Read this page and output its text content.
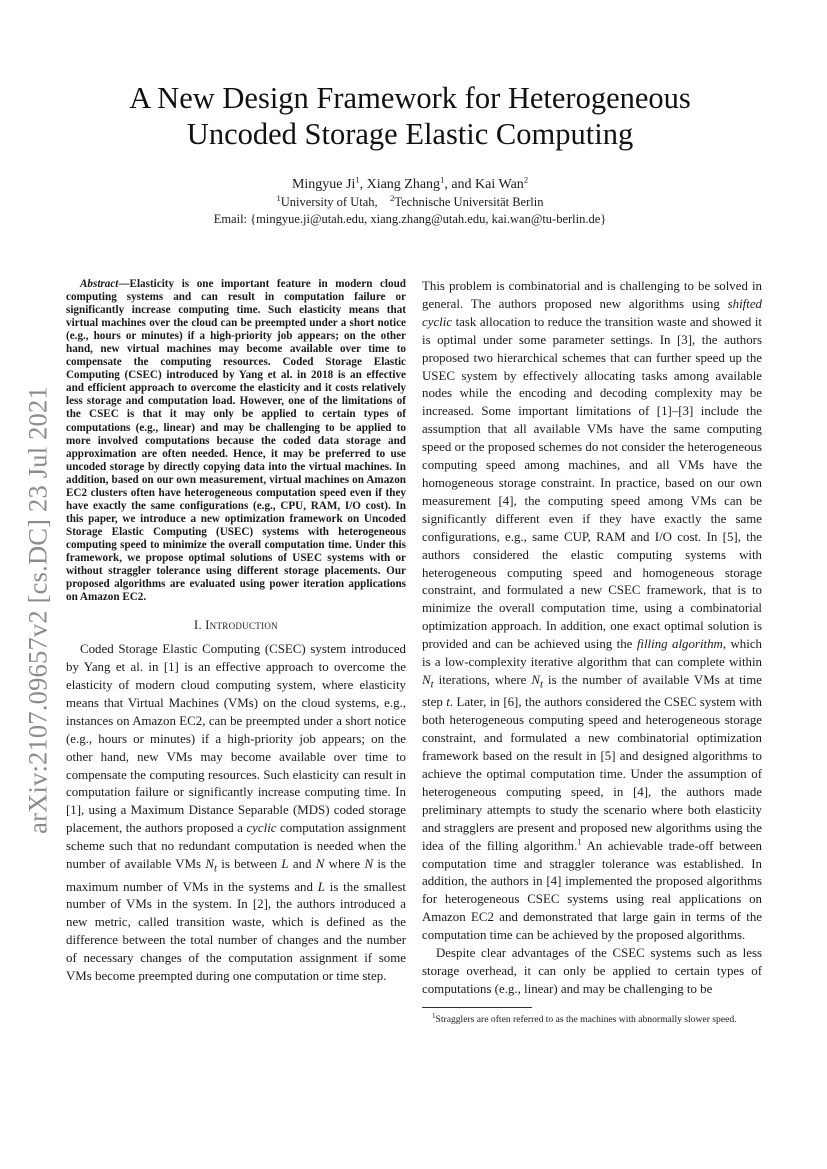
arXiv:2107.09657v2 [cs.DC] 23 Jul 2021
A New Design Framework for Heterogeneous
Uncoded Storage Elastic Computing
Mingyue Ji$^1$, Xiang Zhang$^1$, and Kai Wan$^2$
$^1$University of Utah, $^2$Technische Universität Berlin
Email: {mingyue.ji@utah.edu, xiang.zhang@utah.edu, kai.wan@tu-berlin.de}

Abstract—Elasticity is one important feature in modern cloud computing systems and can result in computation failure or significantly increase computing time. Such elasticity means that virtual machines over the cloud can be preempted under a short notice (e.g., hours or minutes) if a high-priority job appears; on the other hand, new virtual machines may become available over time to compensate the computing resources. Coded Storage Elastic Computing (CSEC) introduced by Yang et al. in 2018 is an effective and efficient approach to overcome the elasticity and it costs relatively less storage and computation load. However, one of the limitations of the CSEC is that it may only be applied to certain types of computations (e.g., linear) and may be challenging to be applied to more involved computations because the coded data storage and approximation are often needed. Hence, it may be preferred to use uncoded storage by directly copying data into the virtual machines. In addition, based on our own measurement, virtual machines on Amazon EC2 clusters often have heterogeneous computation speed even if they have exactly the same configurations (e.g., CPU, RAM, I/O cost). In this paper, we introduce a new optimization framework on Uncoded Storage Elastic Computing (USEC) systems with heterogeneous computing speed to minimize the overall computation time. Under this framework, we propose optimal solutions of USEC systems with or without straggler tolerance using different storage placements. Our proposed algorithms are evaluated using power iteration applications on Amazon EC2.

I. Introduction

Coded Storage Elastic Computing (CSEC) system introduced by Yang et al. in [1] is an effective approach to overcome the elasticity of modern cloud computing system, where elasticity means that Virtual Machines (VMs) on the cloud systems, e.g., instances on Amazon EC2, can be preempted under a short notice (e.g., hours or minutes) if a high-priority job appears; on the other hand, new VMs may become available over time to compensate the computing resources. Such elasticity can result in computation failure or significantly increase computing time. In [1], using a Maximum Distance Separable (MDS) coded storage placement, the authors proposed a cyclic computation assignment scheme such that no redundant computation is needed when the number of available VMs $N_t$ is between L and N where N is the maximum number of VMs in the systems and L is the smallest number of VMs in the system. In [2], the authors introduced a new metric, called transition waste, which is defined as the difference between the total number of changes and the number of necessary changes of the computation assignment if some VMs become preempted during one computation or time step.

This problem is combinatorial and is challenging to be solved in general. The authors proposed new algorithms using shifted cyclic task allocation to reduce the transition waste and showed it is optimal under some parameter settings. In [3], the authors proposed two hierarchical schemes that can further speed up the USEC system by effectively allocating tasks among available nodes while the encoding and decoding complexity may be increased. Some important limitations of [1]–[3] include the assumption that all available VMs have the same computing speed or the proposed schemes do not consider the heterogeneous computing speed among machines, and all VMs have the homogeneous storage constraint. In practice, based on our own measurement [4], the computing speed among VMs can be significantly different even if they have exactly the same configurations, e.g., same CUP, RAM and I/O cost. In [5], the authors considered the elastic computing systems with heterogeneous computing speed and homogeneous storage constraint, and formulated a new CSEC framework, that is to minimize the overall computation time, using a combinatorial optimization approach. In addition, one exact optimal solution is provided and can be achieved using the filling algorithm, which is a low-complexity iterative algorithm that can complete within $N_t$ iterations, where $N_t$ is the number of available VMs at time step t. Later, in [6], the authors considered the CSEC system with both heterogeneous computing speed and heterogeneous storage constraint, and formulated a new combinatorial optimization framework based on the result in [5] and designed algorithms to achieve the optimal computation time. Under the assumption of heterogeneous computing speed, in [4], the authors made preliminary attempts to study the scenario where both elasticity and stragglers are present and proposed new algorithms using the idea of the filling algorithm.$^1$ An achievable trade-off between computation time and straggler tolerance was established. In addition, the authors in [4] implemented the proposed algorithms for heterogeneous CSEC systems using real applications on Amazon EC2 and demonstrated that large gain in terms of the computation time can be achieved by the proposed algorithms.

Despite clear advantages of the CSEC systems such as less storage overhead, it can only be applied to certain types of computations (e.g., linear) and may be challenging to be

$^1$Stragglers are often referred to as the machines with abnormally slower speed.
